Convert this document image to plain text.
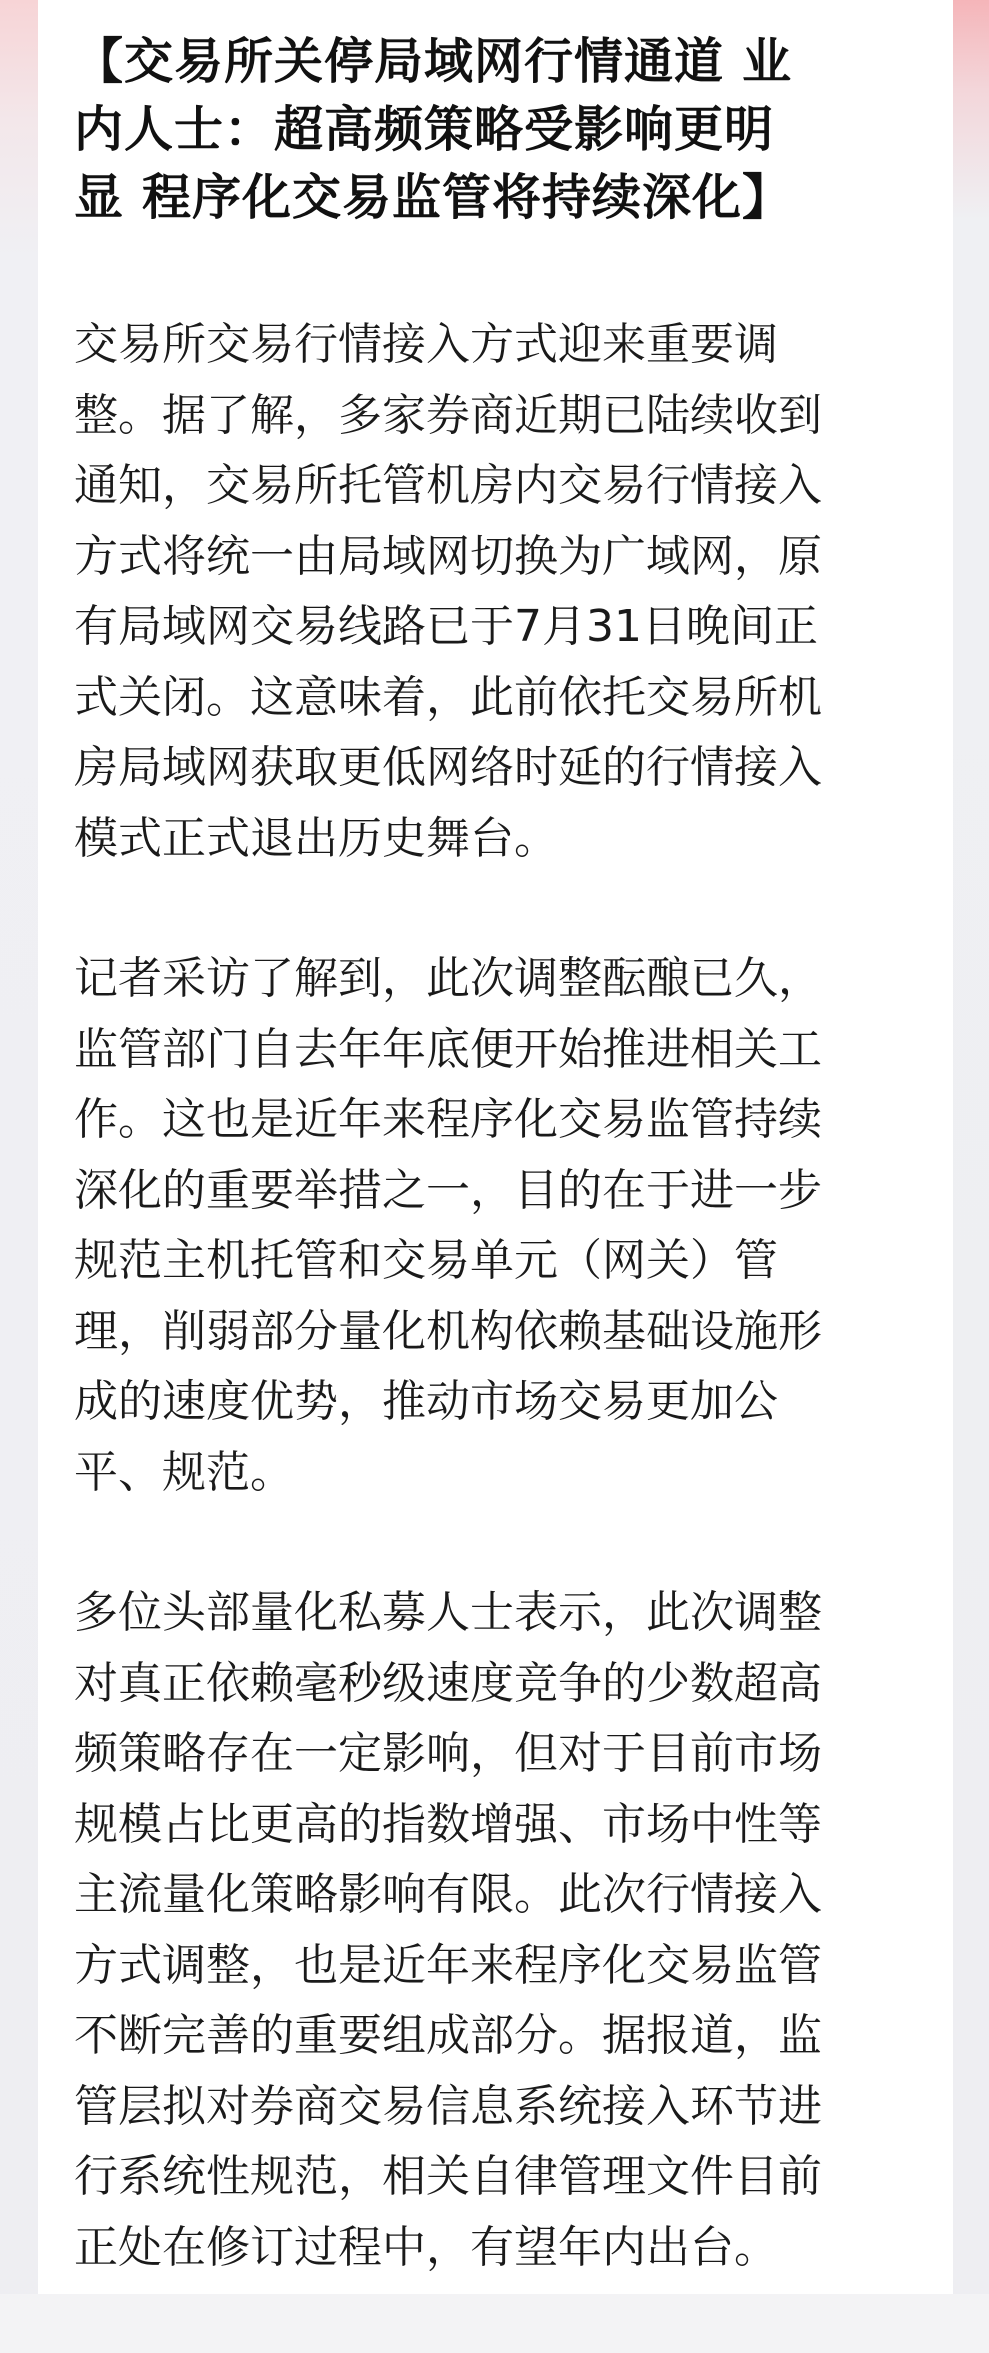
【交易所关停局域网行情通道 业
内人士：超高频策略受影响更明
显 程序化交易监管将持续深化】

交易所交易行情接入方式迎来重要调
整。据了解，多家券商近期已陆续收到
通知，交易所托管机房内交易行情接入
方式将统一由局域网切换为广域网，原
有局域网交易线路已于7月31日晚间正
式关闭。这意味着，此前依托交易所机
房局域网获取更低网络时延的行情接入
模式正式退出历史舞台。

记者采访了解到，此次调整酝酿已久，
监管部门自去年年底便开始推进相关工
作。这也是近年来程序化交易监管持续
深化的重要举措之一，目的在于进一步
规范主机托管和交易单元（网关）管
理，削弱部分量化机构依赖基础设施形
成的速度优势，推动市场交易更加公
平、规范。

多位头部量化私募人士表示，此次调整
对真正依赖毫秒级速度竞争的少数超高
频策略存在一定影响，但对于目前市场
规模占比更高的指数增强、市场中性等
主流量化策略影响有限。此次行情接入
方式调整，也是近年来程序化交易监管
不断完善的重要组成部分。据报道，监
管层拟对券商交易信息系统接入环节进
行系统性规范，相关自律管理文件目前
正处在修订过程中，有望年内出台。
